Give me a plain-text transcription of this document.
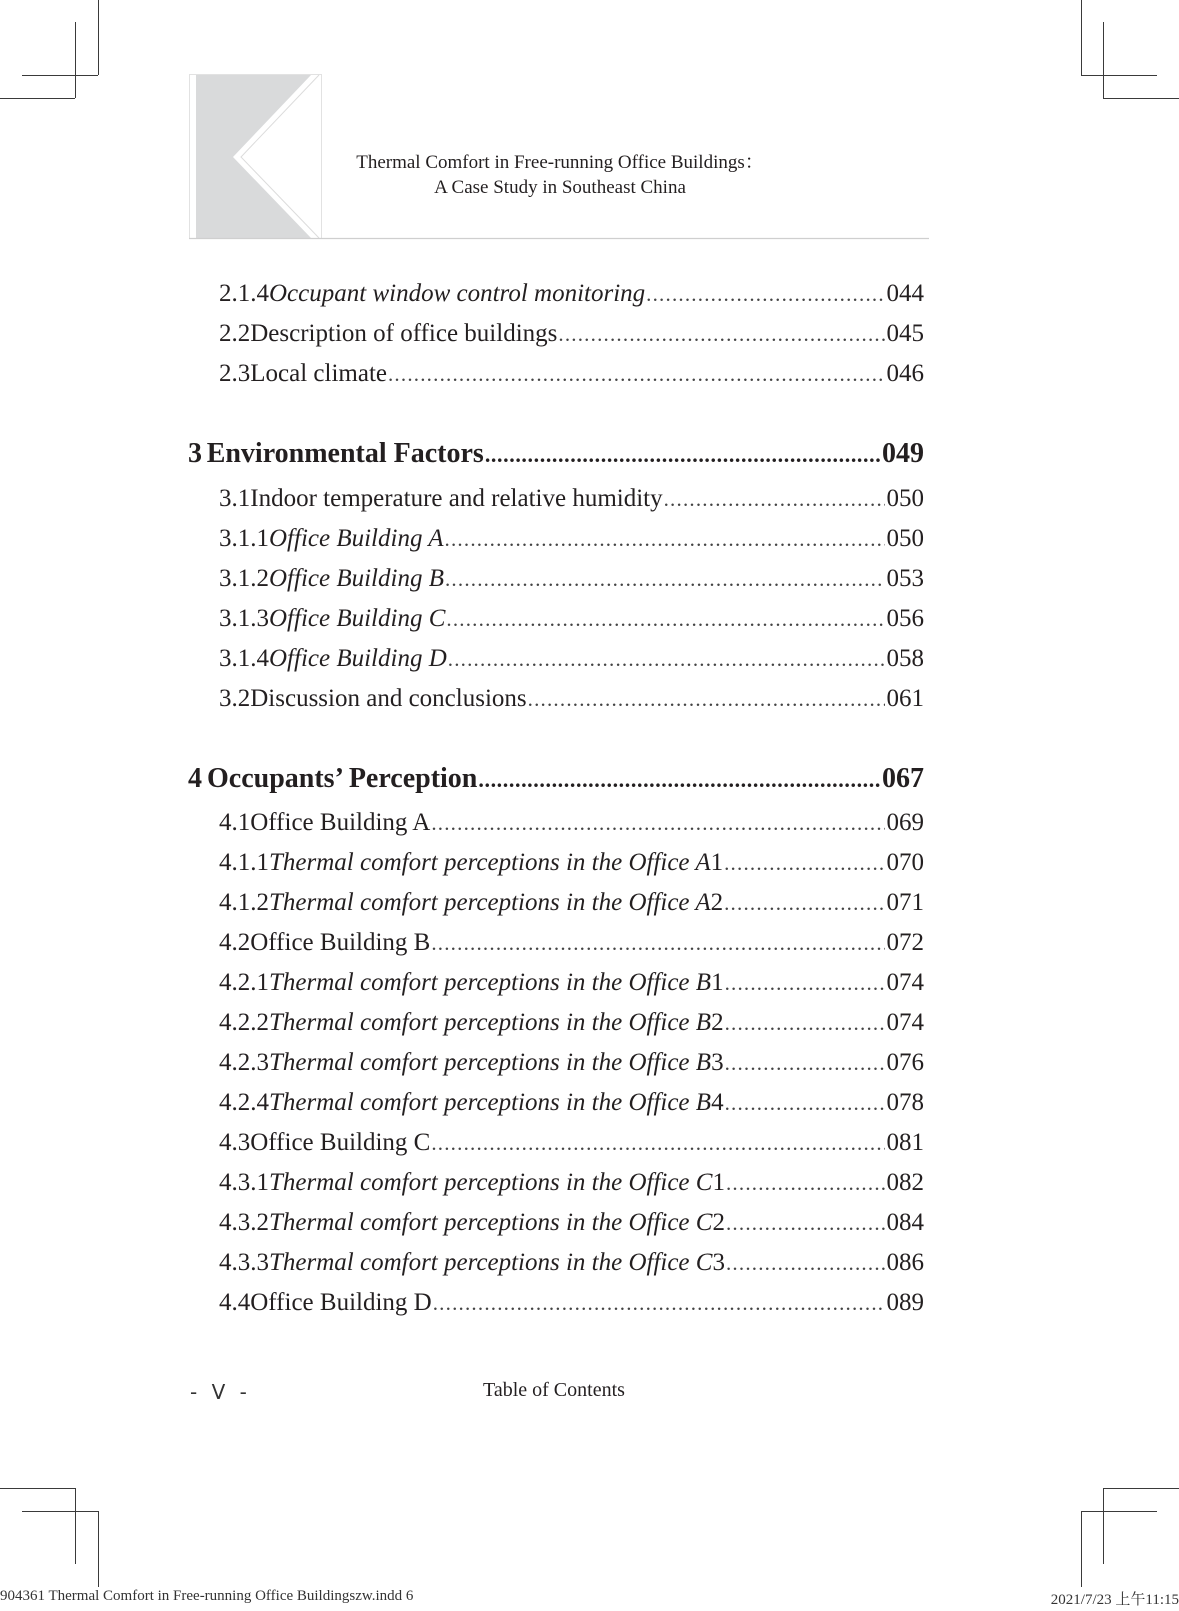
Thermal Comfort in Free-running Office Buildings：
A Case Study in Southeast China
2.1.4 Occupant window control monitoring .....	044
2.2 Description of office buildings .....	045
2.3 Local climate .....	046
3 Environmental Factors .....	049
3.1 Indoor temperature and relative humidity .....	050
3.1.1 Office Building A .....	050
3.1.2 Office Building B .....	053
3.1.3 Office Building C .....	056
3.1.4 Office Building D .....	058
3.2 Discussion and conclusions .....	061
4 Occupants’ Perception .....	067
4.1 Office Building A .....	069
4.1.1 Thermal comfort perceptions in the Office A1 .....	070
4.1.2 Thermal comfort perceptions in the Office A2 .....	071
4.2 Office Building B .....	072
4.2.1 Thermal comfort perceptions in the Office B1 .....	074
4.2.2 Thermal comfort perceptions in the Office B2 .....	074
4.2.3 Thermal comfort perceptions in the Office B3 .....	076
4.2.4 Thermal comfort perceptions in the Office B4 .....	078
4.3 Office Building C .....	081
4.3.1 Thermal comfort perceptions in the Office C1 .....	082
4.3.2 Thermal comfort perceptions in the Office C2 .....	084
4.3.3 Thermal comfort perceptions in the Office C3 .....	086
4.4 Office Building D .....	089
- Ⅴ -	Table of Contents
904361 Thermal Comfort in Free-running Office Buildingszw.indd 6	2021/7/23 上午11:15
